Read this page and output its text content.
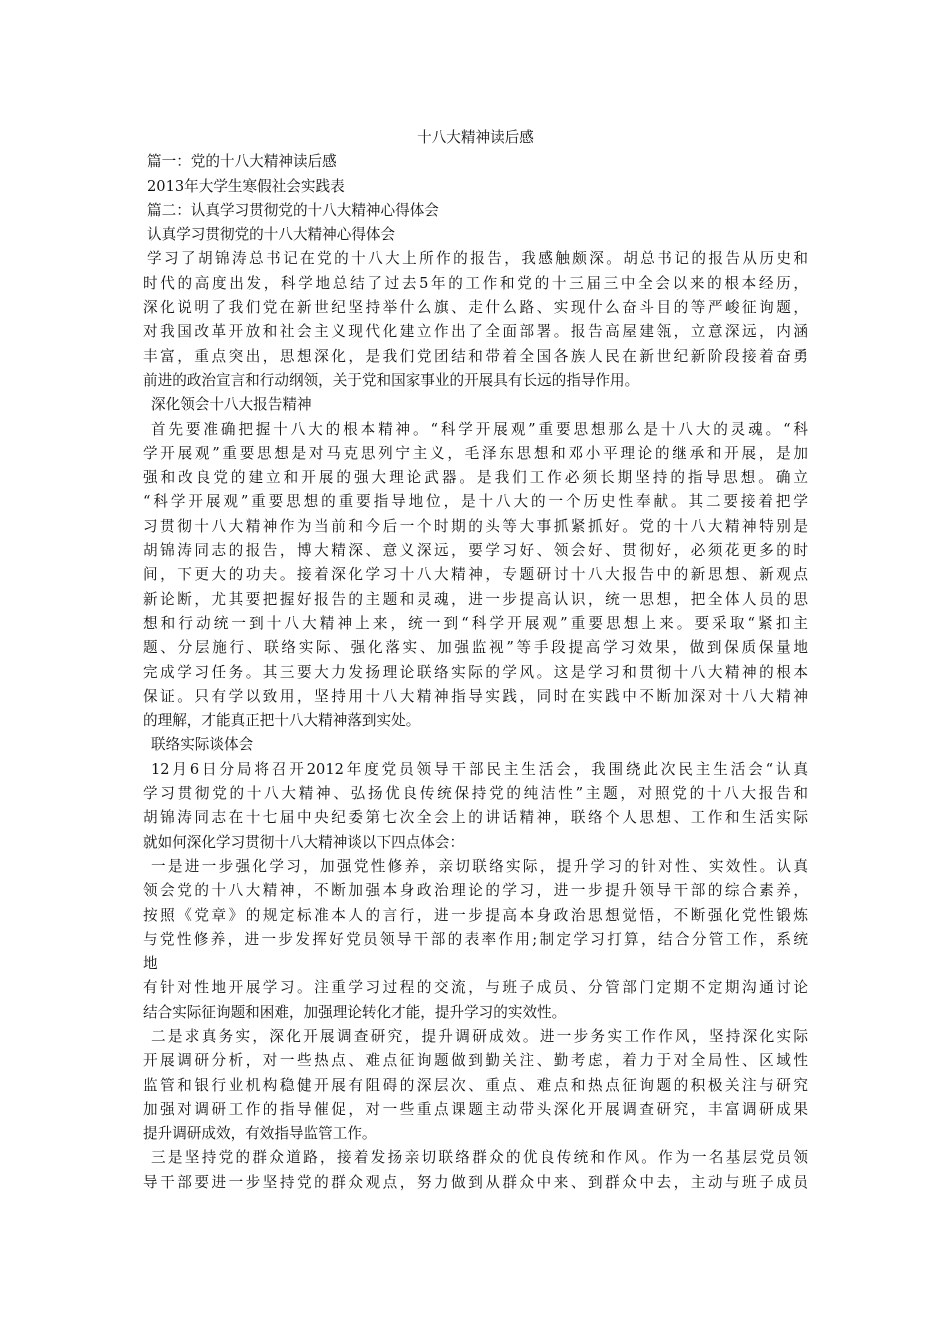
十八大精神读后感
篇一：党的十八大精神读后感
2013年大学生寒假社会实践表
篇二：认真学习贯彻党的十八大精神心得体会
认真学习贯彻党的十八大精神心得体会
学习了胡锦涛总书记在党的十八大上所作的报告，我感触颇深。胡总书记的报告从历史和
时代的高度出发，科学地总结了过去5年的工作和党的十三届三中全会以来的根本经历，
深化说明了我们党在新世纪坚持举什么旗、走什么路、实现什么奋斗目的等严峻征询题，
对我国改革开放和社会主义现代化建立作出了全面部署。报告高屋建瓴，立意深远，内涵
丰富，重点突出，思想深化，是我们党团结和带着全国各族人民在新世纪新阶段接着奋勇
前进的政治宣言和行动纲领，关于党和国家事业的开展具有长远的指导作用。
深化领会十八大报告精神
首先要准确把握十八大的根本精神。“科学开展观”重要思想那么是十八大的灵魂。“科
学开展观”重要思想是对马克思列宁主义，毛泽东思想和邓小平理论的继承和开展，是加
强和改良党的建立和开展的强大理论武器。是我们工作必须长期坚持的指导思想。确立
“科学开展观”重要思想的重要指导地位，是十八大的一个历史性奉献。其二要接着把学
习贯彻十八大精神作为当前和今后一个时期的头等大事抓紧抓好。党的十八大精神特别是
胡锦涛同志的报告，博大精深、意义深远，要学习好、领会好、贯彻好，必须花更多的时
间，下更大的功夫。接着深化学习十八大精神，专题研讨十八大报告中的新思想、新观点
新论断，尤其要把握好报告的主题和灵魂，进一步提高认识，统一思想，把全体人员的思
想和行动统一到十八大精神上来，统一到“科学开展观”重要思想上来。要采取“紧扣主
题、分层施行、联络实际、强化落实、加强监视”等手段提高学习效果，做到保质保量地
完成学习任务。其三要大力发扬理论联络实际的学风。这是学习和贯彻十八大精神的根本
保证。只有学以致用，坚持用十八大精神指导实践，同时在实践中不断加深对十八大精神
的理解，才能真正把十八大精神落到实处。
联络实际谈体会
12月6日分局将召开2012年度党员领导干部民主生活会，我围绕此次民主生活会“认真
学习贯彻党的十八大精神、弘扬优良传统保持党的纯洁性”主题，对照党的十八大报告和
胡锦涛同志在十七届中央纪委第七次全会上的讲话精神，联络个人思想、工作和生活实际
就如何深化学习贯彻十八大精神谈以下四点体会：
一是进一步强化学习，加强党性修养，亲切联络实际，提升学习的针对性、实效性。认真
领会党的十八大精神，不断加强本身政治理论的学习，进一步提升领导干部的综合素养，
按照《党章》的规定标准本人的言行，进一步提高本身政治思想觉悟，不断强化党性锻炼
与党性修养，进一步发挥好党员领导干部的表率作用;制定学习打算，结合分管工作，系统
地
有针对性地开展学习。注重学习过程的交流，与班子成员、分管部门定期不定期沟通讨论
结合实际征询题和困难，加强理论转化才能，提升学习的实效性。
二是求真务实，深化开展调查研究，提升调研成效。进一步务实工作作风，坚持深化实际
开展调研分析，对一些热点、难点征询题做到勤关注、勤考虑，着力于对全局性、区域性
监管和银行业机构稳健开展有阻碍的深层次、重点、难点和热点征询题的积极关注与研究
加强对调研工作的指导催促，对一些重点课题主动带头深化开展调查研究，丰富调研成果
提升调研成效，有效指导监管工作。
三是坚持党的群众道路，接着发扬亲切联络群众的优良传统和作风。作为一名基层党员领
导干部要进一步坚持党的群众观点，努力做到从群众中来、到群众中去，主动与班子成员
